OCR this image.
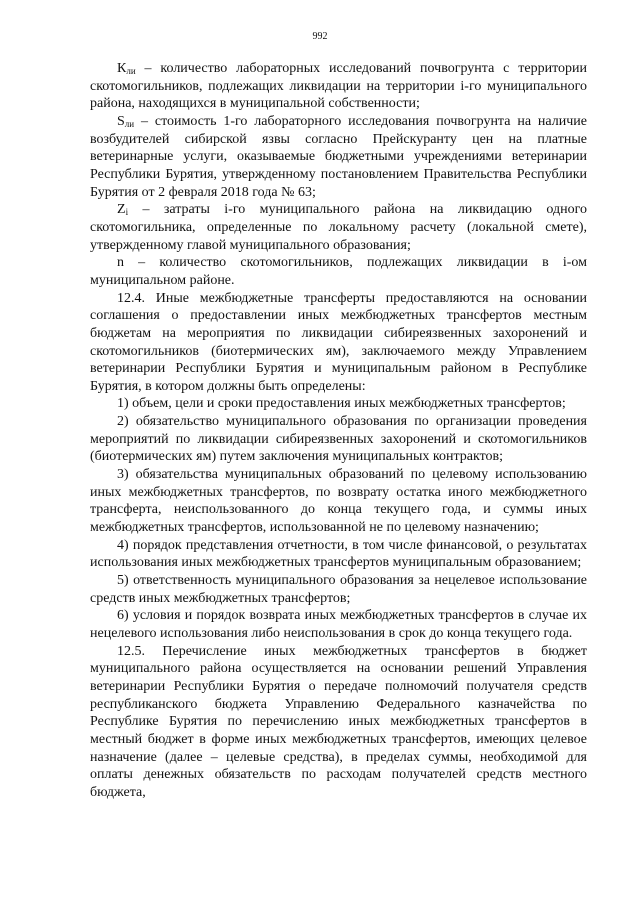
992

$К_{ли}$ – количество лабораторных исследований почвогрунта с территории скотомогильников, подлежащих ликвидации на территории i-го муниципального района, находящихся в муниципальной собственности;

$S_{ли}$ – стоимость 1-го лабораторного исследования почвогрунта на наличие возбудителей сибирской язвы согласно Прейскуранту цен на платные ветеринарные услуги, оказываемые бюджетными учреждениями ветеринарии Республики Бурятия, утвержденному постановлением Правительства Республики Бурятия от 2 февраля 2018 года № 63;

$Z_i$ – затраты i-го муниципального района на ликвидацию одного скотомогильника, определенные по локальному расчету (локальной смете), утвержденному главой муниципального образования;

n – количество скотомогильников, подлежащих ликвидации в i-ом муниципальном районе.

12.4. Иные межбюджетные трансферты предоставляются на основании соглашения о предоставлении иных межбюджетных трансфертов местным бюджетам на мероприятия по ликвидации сибиреязвенных захоронений и скотомогильников (биотермических ям), заключаемого между Управлением ветеринарии Республики Бурятия и муниципальным районом в Республике Бурятия, в котором должны быть определены:

1) объем, цели и сроки предоставления иных межбюджетных трансфертов;

2) обязательство муниципального образования по организации проведения мероприятий по ликвидации сибиреязвенных захоронений и скотомогильников (биотермических ям) путем заключения муниципальных контрактов;

3) обязательства муниципальных образований по целевому использованию иных межбюджетных трансфертов, по возврату остатка иного межбюджетного трансферта, неиспользованного до конца текущего года, и суммы иных межбюджетных трансфертов, использованной не по целевому назначению;

4) порядок представления отчетности, в том числе финансовой, о результатах использования иных межбюджетных трансфертов муниципальным образованием;

5) ответственность муниципального образования за нецелевое использование средств иных межбюджетных трансфертов;

6) условия и порядок возврата иных межбюджетных трансфертов в случае их нецелевого использования либо неиспользования в срок до конца текущего года.

12.5. Перечисление иных межбюджетных трансфертов в бюджет муниципального района осуществляется на основании решений Управления ветеринарии Республики Бурятия о передаче полномочий получателя средств республиканского бюджета Управлению Федерального казначейства по Республике Бурятия по перечислению иных межбюджетных трансфертов в местный бюджет в форме иных межбюджетных трансфертов, имеющих целевое назначение (далее – целевые средства), в пределах суммы, необходимой для оплаты денежных обязательств по расходам получателей средств местного бюджета,
